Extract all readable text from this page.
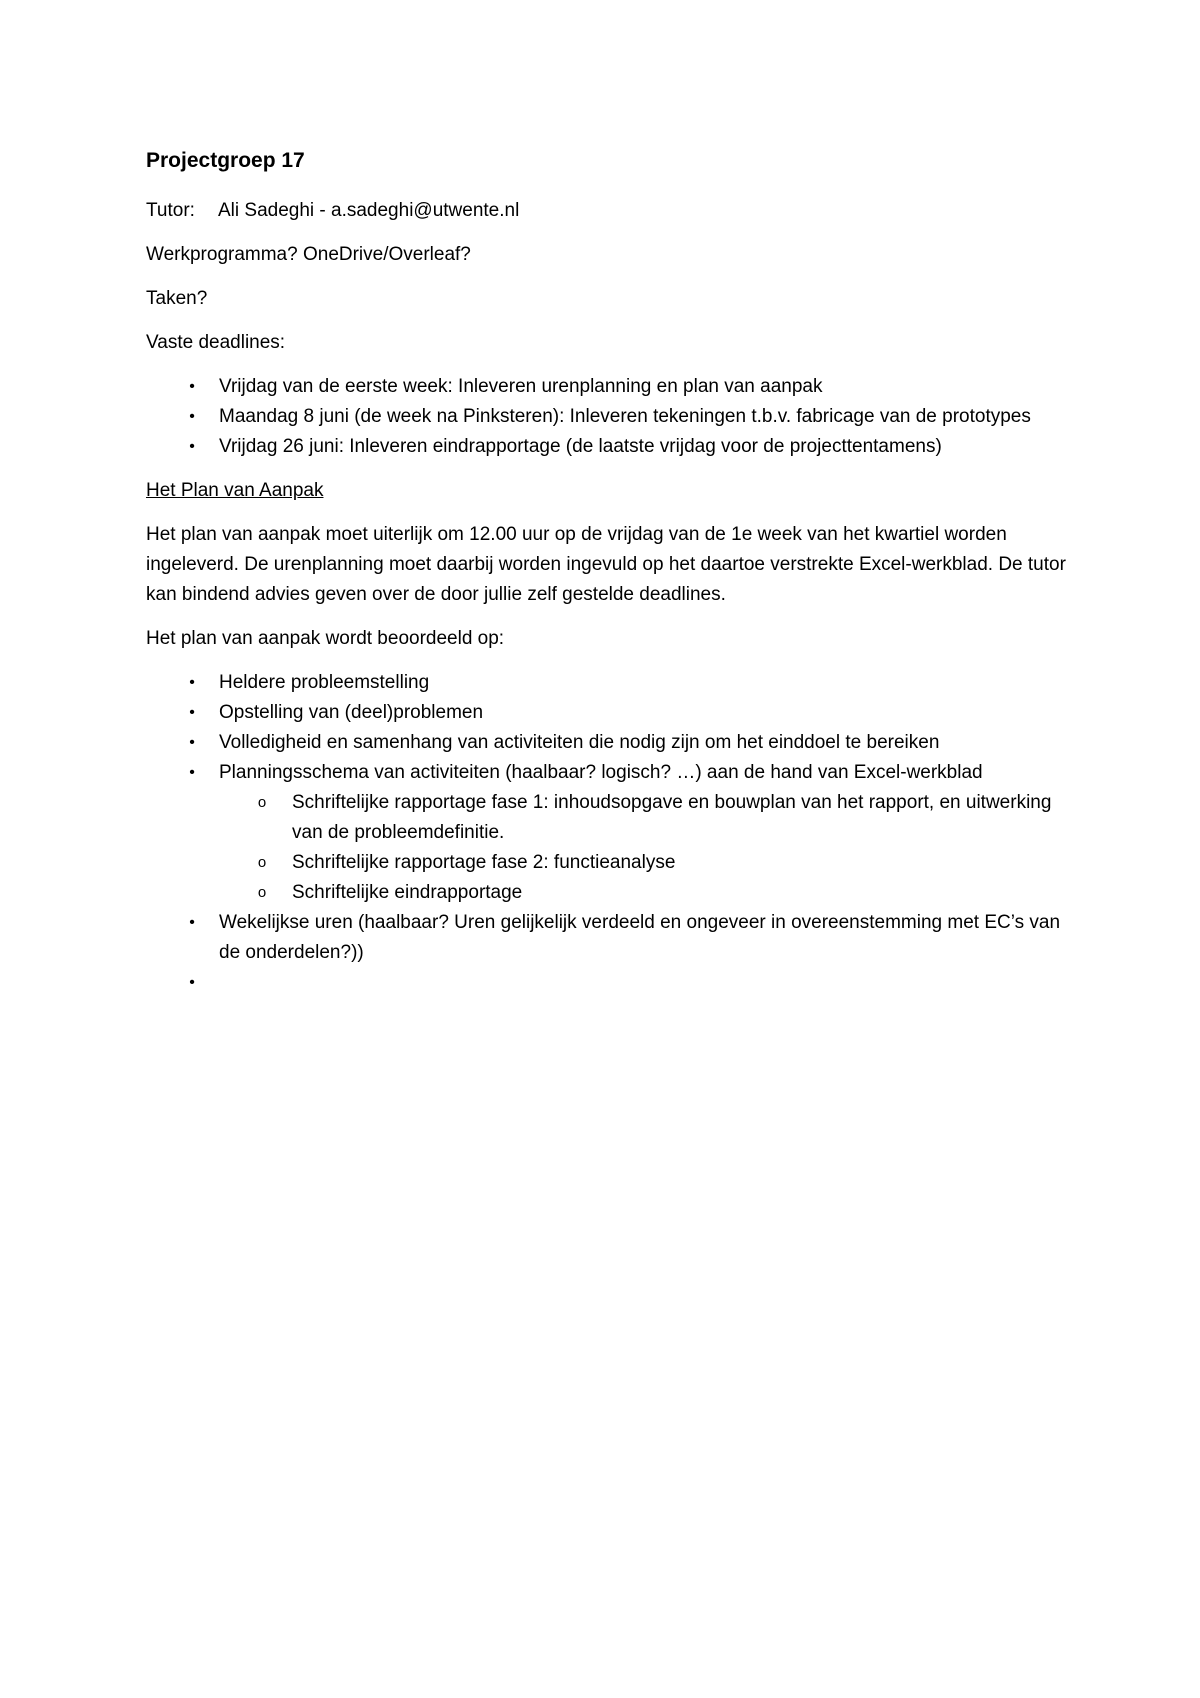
Projectgroep 17

Tutor: Ali Sadeghi - a.sadeghi@utwente.nl

Werkprogramma? OneDrive/Overleaf?

Taken?

Vaste deadlines:

•	Vrijdag van de eerste week: Inleveren urenplanning en plan van aanpak
•	Maandag 8 juni (de week na Pinksteren): Inleveren tekeningen t.b.v. fabricage van de prototypes
•	Vrijdag 26 juni: Inleveren eindrapportage (de laatste vrijdag voor de projecttentamens)

Het Plan van Aanpak

Het plan van aanpak moet uiterlijk om 12.00 uur op de vrijdag van de 1e week van het kwartiel worden ingeleverd. De urenplanning moet daarbij worden ingevuld op het daartoe verstrekte Excel-werkblad. De tutor kan bindend advies geven over de door jullie zelf gestelde deadlines.

Het plan van aanpak wordt beoordeeld op:

•	Heldere probleemstelling
•	Opstelling van (deel)problemen
•	Volledigheid en samenhang van activiteiten die nodig zijn om het einddoel te bereiken
•	Planningsschema van activiteiten (haalbaar? logisch? …) aan de hand van Excel-werkblad
o	Schriftelijke rapportage fase 1: inhoudsopgave en bouwplan van het rapport, en uitwerking van de probleemdefinitie.
o	Schriftelijke rapportage fase 2: functieanalyse
o	Schriftelijke eindrapportage
•	Wekelijkse uren (haalbaar? Uren gelijkelijk verdeeld en ongeveer in overeenstemming met EC’s van de onderdelen?))
•
